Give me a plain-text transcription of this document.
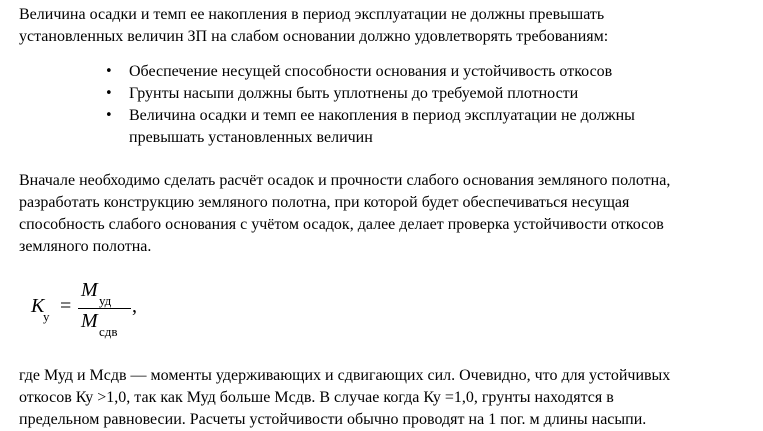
Величина осадки и темп ее накопления в период эксплуатации не должны превышать
установленных величин ЗП на слабом основании должно удовлетворять требованиям:

• Обеспечение несущей способности основания и устойчивость откосов
• Грунты насыпи должны быть уплотнены до требуемой плотности
• Величина осадки и темп ее накопления в период эксплуатации не должны
превышать установленных величин

Вначале необходимо сделать расчёт осадок и прочности слабого основания земляного полотна,
разработать конструкцию земляного полотна, при которой будет обеспечиваться несущая
способность слабого основания с учётом осадок, далее делает проверка устойчивости откосов
земляного полотна.

K
у =
M уд
M сдв
,

где Муд и Мсдв — моменты удерживающих и сдвигающих сил. Очевидно, что для устойчивых
откосов Ку >1,0, так как Муд больше Мсдв. В случае когда Ку =1,0, грунты находятся в
предельном равновесии. Расчеты устойчивости обычно проводят на 1 пог. м длины насыпи.
